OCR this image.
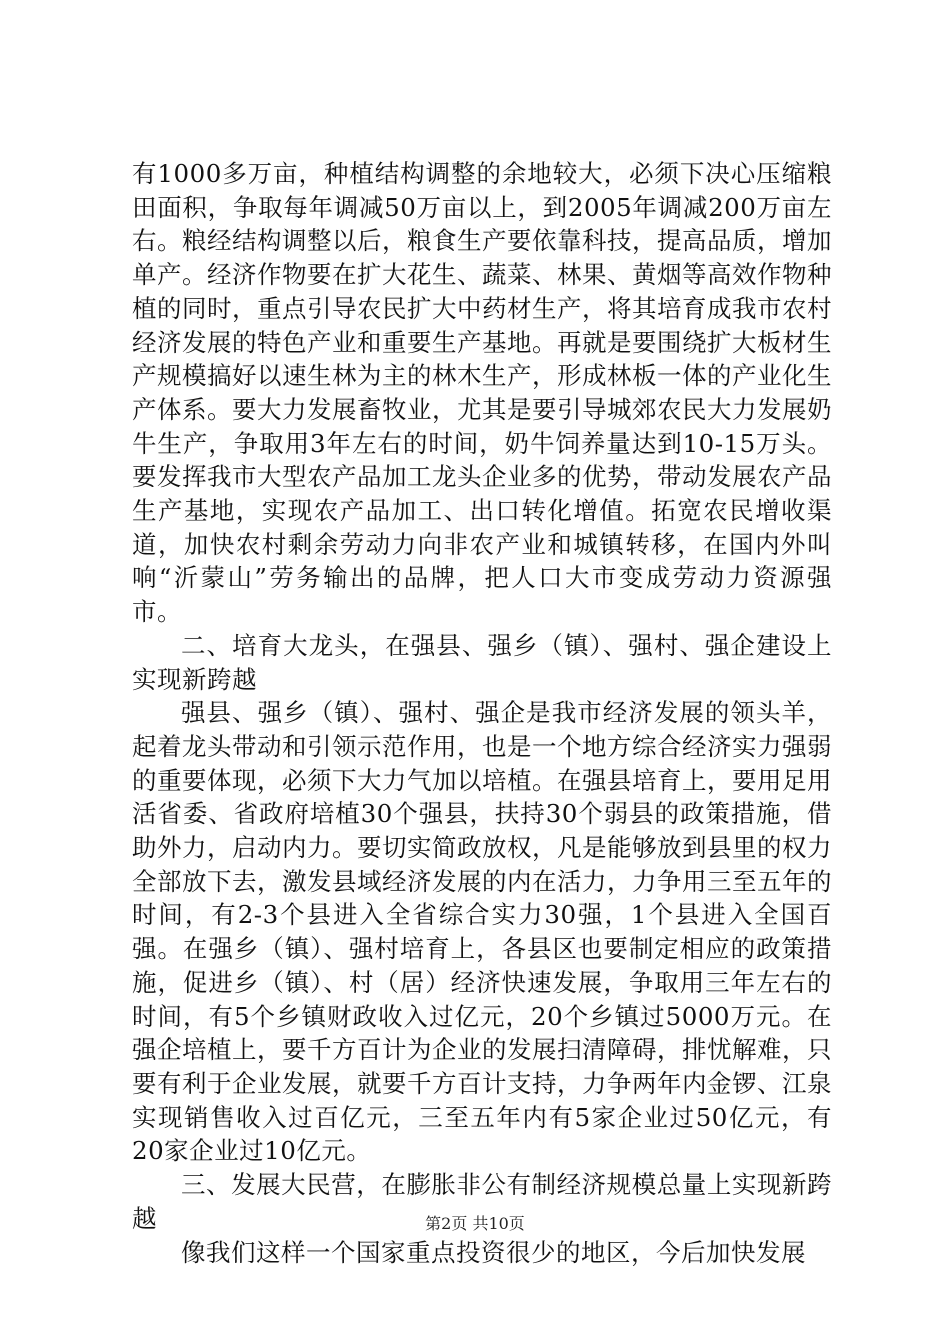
有1000多万亩，种植结构调整的余地较大，必须下决心压缩粮田面积，争取每年调减50万亩以上，到2005年调减200万亩左右。粮经结构调整以后，粮食生产要依靠科技，提高品质，增加单产。经济作物要在扩大花生、蔬菜、林果、黄烟等高效作物种植的同时，重点引导农民扩大中药材生产，将其培育成我市农村经济发展的特色产业和重要生产基地。再就是要围绕扩大板材生产规模搞好以速生林为主的林木生产，形成林板一体的产业化生产体系。要大力发展畜牧业，尤其是要引导城郊农民大力发展奶牛生产，争取用3年左右的时间，奶牛饲养量达到10-15万头。要发挥我市大型农产品加工龙头企业多的优势，带动发展农产品生产基地，实现农产品加工、出口转化增值。拓宽农民增收渠道，加快农村剩余劳动力向非农产业和城镇转移，在国内外叫响“沂蒙山”劳务输出的品牌，把人口大市变成劳动力资源强市。

二、培育大龙头，在强县、强乡（镇）、强村、强企建设上实现新跨越

强县、强乡（镇）、强村、强企是我市经济发展的领头羊，起着龙头带动和引领示范作用，也是一个地方综合经济实力强弱的重要体现，必须下大力气加以培植。在强县培育上，要用足用活省委、省政府培植30个强县，扶持30个弱县的政策措施，借助外力，启动内力。要切实简政放权，凡是能够放到县里的权力全部放下去，激发县域经济发展的内在活力，力争用三至五年的时间，有2-3个县进入全省综合实力30强，1个县进入全国百强。在强乡（镇）、强村培育上，各县区也要制定相应的政策措施，促进乡（镇）、村（居）经济快速发展，争取用三年左右的时间，有5个乡镇财政收入过亿元，20个乡镇过5000万元。在强企培植上，要千方百计为企业的发展扫清障碍，排忧解难，只要有利于企业发展，就要千方百计支持，力争两年内金锣、江泉实现销售收入过百亿元，三至五年内有5家企业过50亿元，有20家企业过10亿元。

三、发展大民营，在膨胀非公有制经济规模总量上实现新跨越

像我们这样一个国家重点投资很少的地区，今后加快发展

第2页 共10页
